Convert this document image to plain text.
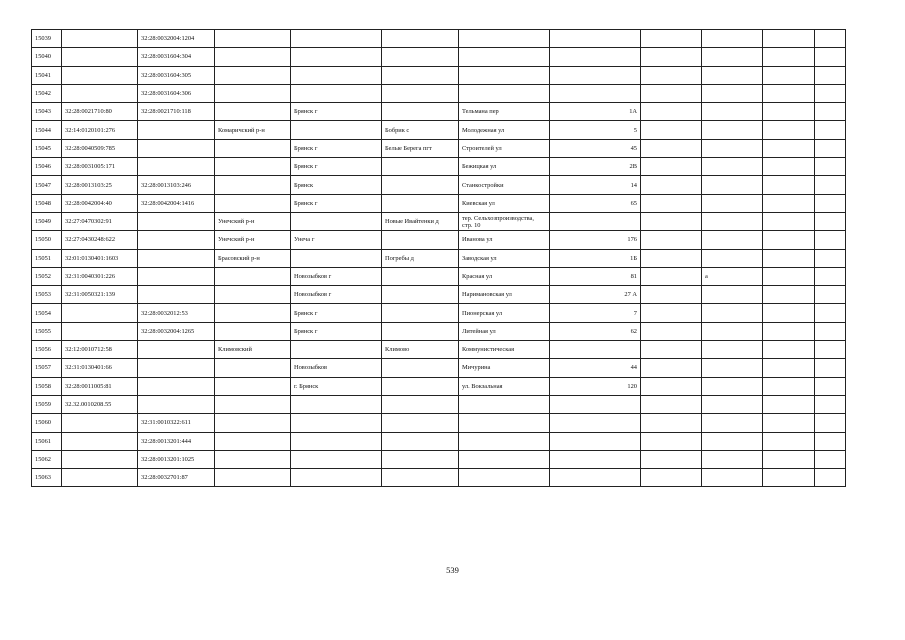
15039		32:28:0032004:1204									
15040		32:28:0031604:304									
15041		32:28:0031604:305									
15042		32:28:0031604:306									
15043	32:28:0021710:80	32:28:0021710:118		Брянск г		Тельмана пер	1А				
15044	32:14:0120101:276		Комаричский р-н		Бобрик с	Молодежная ул	5				
15045	32:28:0040509:785			Брянск г	Белые Берега пгт	Строителей ул	45				
15046	32:28:0031005:171			Брянск г		Бежицкая ул	2В				
15047	32:28:0013103:25	32:28:0013103:246		Брянск		Станкостройки	14				
15048	32:28:0042004:40	32:28:0042004:1416		Брянск г		Киевская ул	65				
15049	32:27:0470302:91		Унечский р-н		Новые Ивайтенки д	тер. Сельхозпроизводства, стр. 10					
15050	32:27:0430248:622		Унечский р-н	Унеча г		Иванова ул	176				
15051	32:01:0130401:1603		Брасовский р-н		Погребы д	Заводская ул	1Б				
15052	32:31:0040301:226			Новозыбков г		Красная ул	81		а		
15053	32:31:0050321:139			Новозыбков г		Наримановская ул	27 А				
15054		32:28:0032012:53		Брянск г		Пионерская ул	7				
15055		32:28:0032004:1265		Брянск г		Литейная ул	62				
15056	32:12:0010712:58		Климовский		Климово	Коммунистическая					
15057	32:31:0130401:66			Новозыбков		Мичурина	44				
15058	32:28:0011005:81			г. Брянск		ул. Вокзальная	120				
15059	32.32.0010208.55										
15060		32:31:0010322:611									
15061		32:28:0013201:444									
15062		32:28:0013201:1025									
15063		32:28:0032701:87									
539
